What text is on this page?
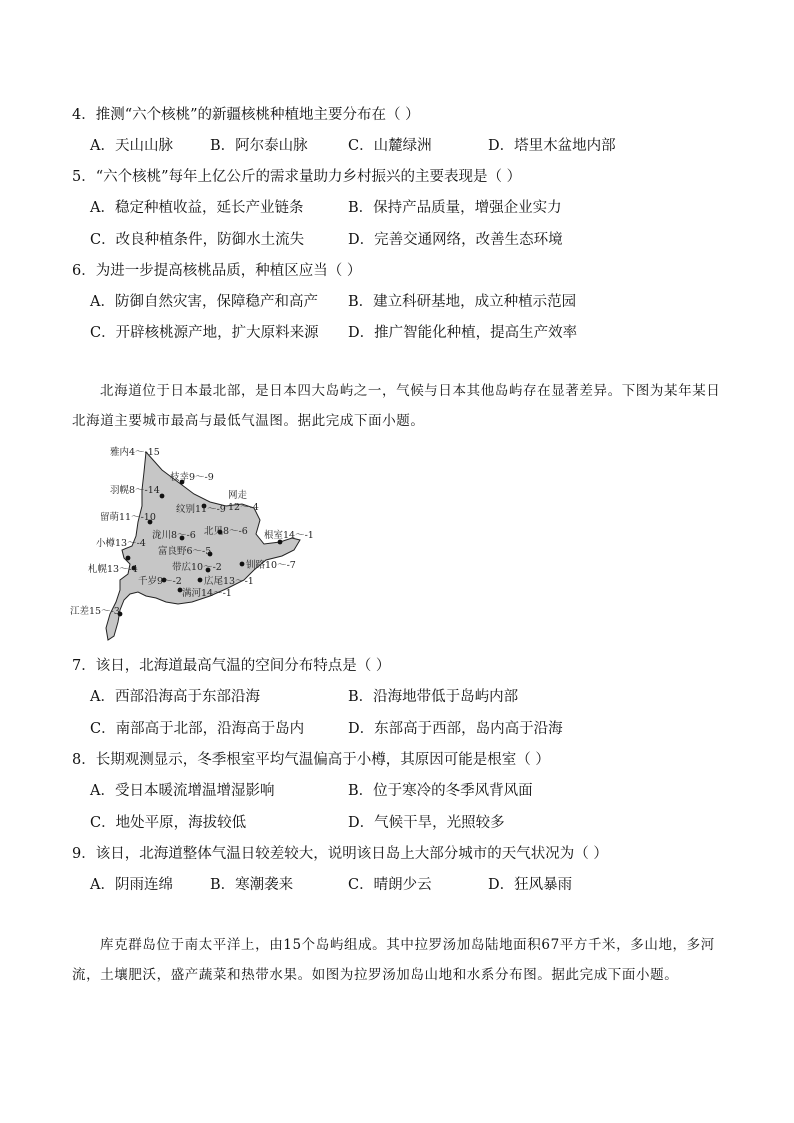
4．推测“六个核桃”的新疆核桃种植地主要分布在（ ）
A．天山山脉	B．阿尔泰山脉	C．山麓绿洲	D．塔里木盆地内部
5．“六个核桃”每年上亿公斤的需求量助力乡村振兴的主要表现是（ ）
A．稳定种植收益，延长产业链条	B．保持产品质量，增强企业实力
C．改良种植条件，防御水土流失	D．完善交通网络，改善生态环境
6．为进一步提高核桃品质，种植区应当（ ）
A．防御自然灾害，保障稳产和高产 B．建立科研基地，成立种植示范园
C．开辟核桃源产地，扩大原料来源 D．推广智能化种植，提高生产效率
北海道位于日本最北部，是日本四大岛屿之一，气候与日本其他岛屿存在显著差异。下图为某年某日
北海道主要城市最高与最低气温图。据此完成下面小题。
雅内4～-15
枝幸9～-9
羽幌8～-14
纹别11～-9
网走
12～-4
留萌11～-10
北见8～-6 根室14～-1
小樽13～-4
泷川8～-6
富良野6～-5
札幌13～-4	带広10～-2	钏路10～-7
千岁9～-2 広尾13～-1
满河14～-1
江差15～-3
7．该日，北海道最高气温的空间分布特点是（ ）
A．西部沿海高于东部沿海	B．沿海地带低于岛屿内部
C．南部高于北部，沿海高于岛内	D．东部高于西部，岛内高于沿海
8．长期观测显示，冬季根室平均气温偏高于小樽，其原因可能是根室（ ）
A．受日本暖流增温增湿影响	B．位于寒冷的冬季风背风面
C．地处平原，海拔较低	D．气候干旱，光照较多
9．该日，北海道整体气温日较差较大，说明该日岛上大部分城市的天气状况为（ ）
A．阴雨连绵	B．寒潮袭来	C．晴朗少云	D．狂风暴雨
库克群岛位于南太平洋上，由15个岛屿组成。其中拉罗汤加岛陆地面积67平方千米，多山地，多河
流，土壤肥沃，盛产蔬菜和热带水果。如图为拉罗汤加岛山地和水系分布图。据此完成下面小题。
